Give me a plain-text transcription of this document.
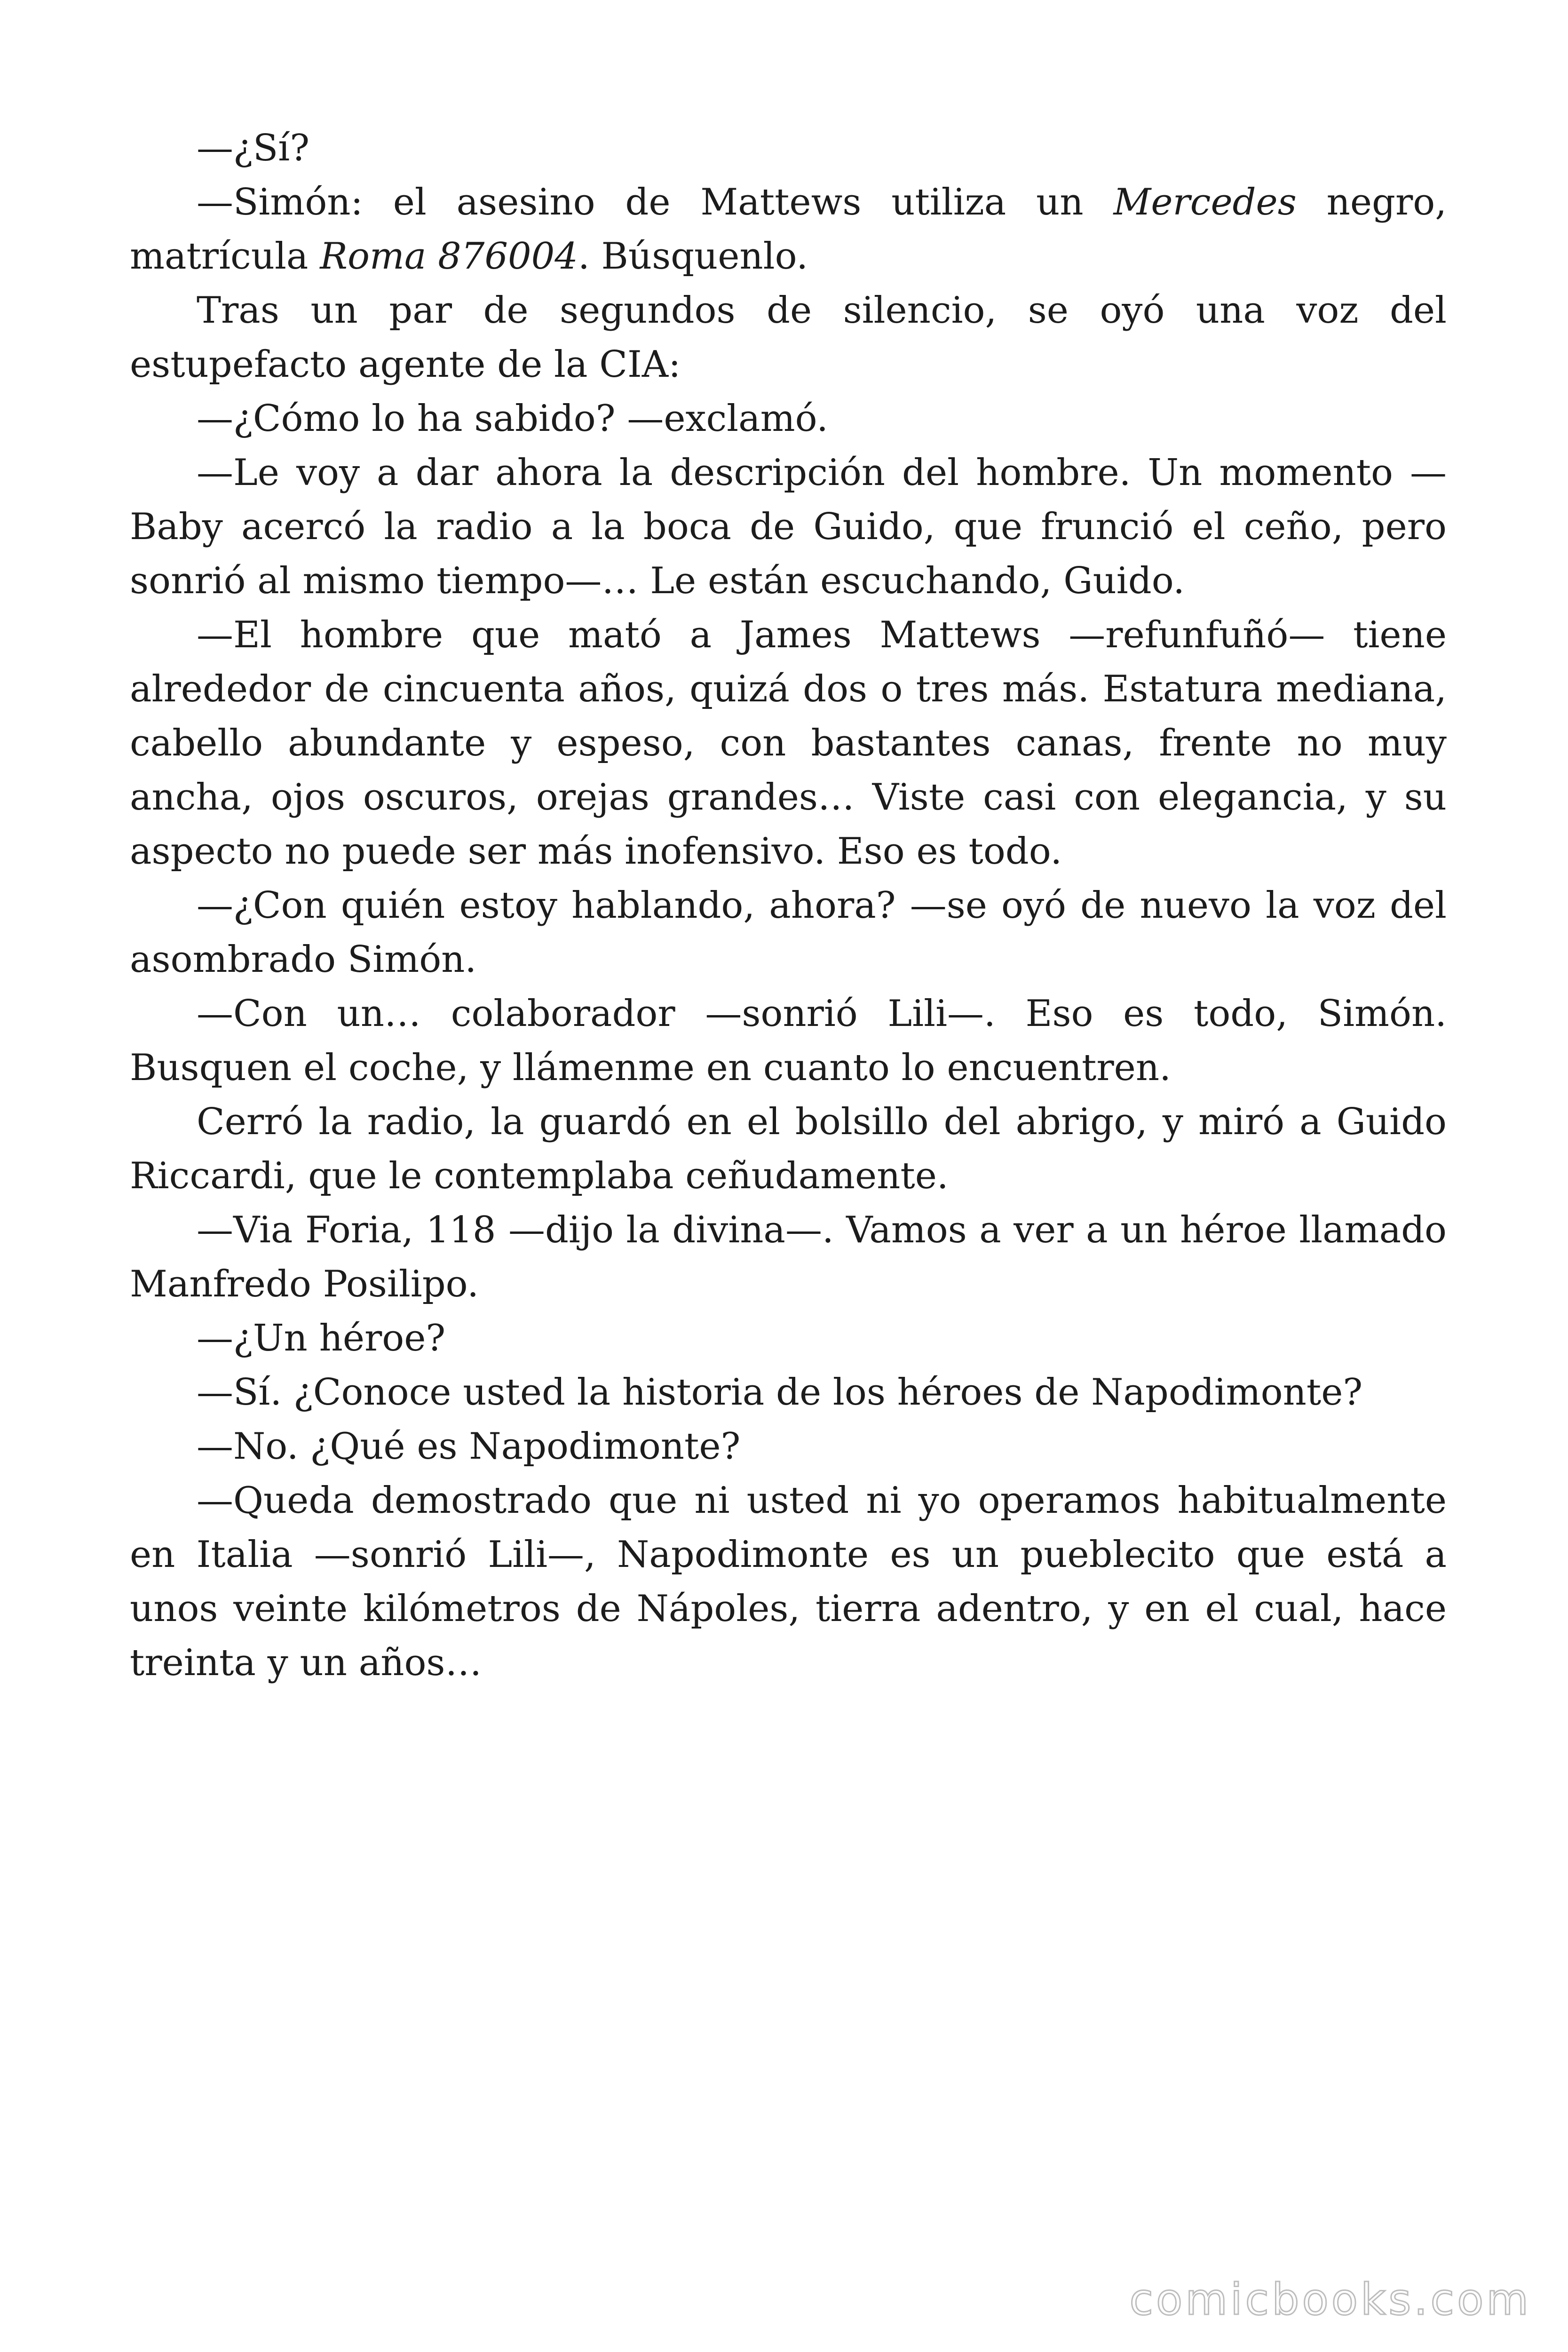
—¿Sí?

—Simón: el asesino de Mattews utiliza un Mercedes negro, matrícula Roma 876004. Búsquenlo.

Tras un par de segundos de silencio, se oyó una voz del estupefacto agente de la CIA:

—¿Cómo lo ha sabido? —exclamó.

—Le voy a dar ahora la descripción del hombre. Un momento — Baby acercó la radio a la boca de Guido, que frunció el ceño, pero sonrió al mismo tiempo—… Le están escuchando, Guido.

—El hombre que mató a James Mattews —refunfuñó— tiene alrededor de cincuenta años, quizá dos o tres más. Estatura mediana, cabello abundante y espeso, con bastantes canas, frente no muy ancha, ojos oscuros, orejas grandes… Viste casi con elegancia, y su aspecto no puede ser más inofensivo. Eso es todo.

—¿Con quién estoy hablando, ahora? —se oyó de nuevo la voz del asombrado Simón.

—Con un… colaborador —sonrió Lili—. Eso es todo, Simón. Busquen el coche, y llámenme en cuanto lo encuentren.

Cerró la radio, la guardó en el bolsillo del abrigo, y miró a Guido Riccardi, que le contemplaba ceñudamente.

—Via Foria, 118 —dijo la divina—. Vamos a ver a un héroe llamado Manfredo Posilipo.

—¿Un héroe?

—Sí. ¿Conoce usted la historia de los héroes de Napodimonte?

—No. ¿Qué es Napodimonte?

—Queda demostrado que ni usted ni yo operamos habitualmente en Italia —sonrió Lili—, Napodimonte es un pueblecito que está a unos veinte kilómetros de Nápoles, tierra adentro, y en el cual, hace treinta y un años…

comicbooks.com
